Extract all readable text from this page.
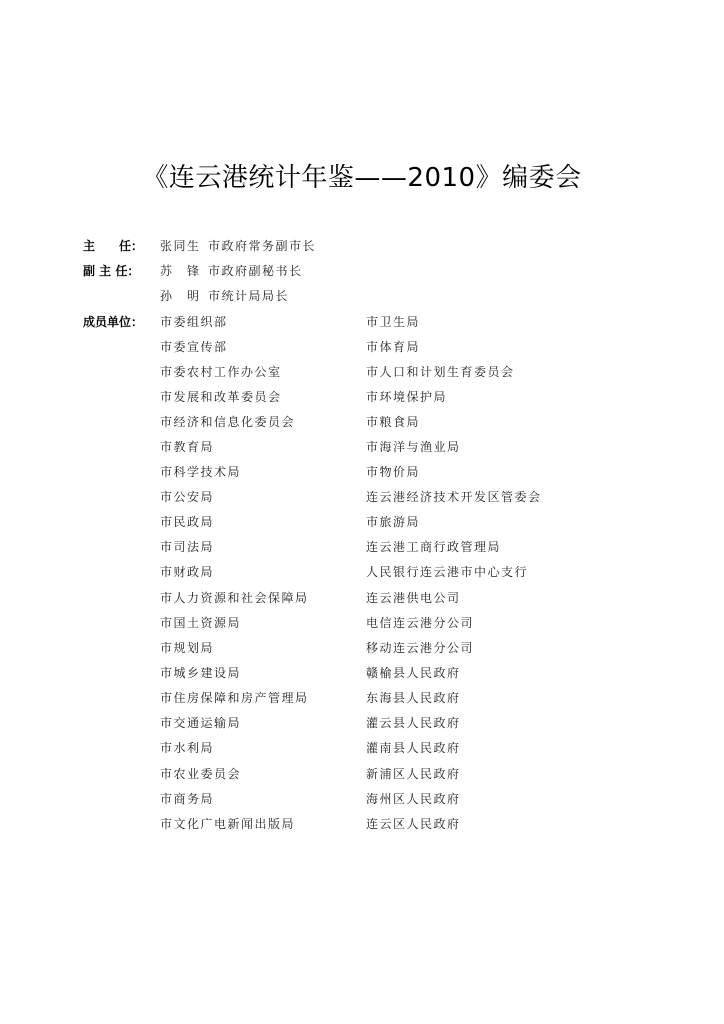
《连云港统计年鉴——2010》编委会
主　　任：	张同生 市政府常务副市长
副 主 任：	苏　锋 市政府副秘书长
孙　明 市统计局局长
成员单位：	市委组织部	市卫生局
市委宣传部	市体育局
市委农村工作办公室	市人口和计划生育委员会
市发展和改革委员会	市环境保护局
市经济和信息化委员会	市粮食局
市教育局	市海洋与渔业局
市科学技术局	市物价局
市公安局	连云港经济技术开发区管委会
市民政局	市旅游局
市司法局	连云港工商行政管理局
市财政局	人民银行连云港市中心支行
市人力资源和社会保障局	连云港供电公司
市国土资源局	电信连云港分公司
市规划局	移动连云港分公司
市城乡建设局	赣榆县人民政府
市住房保障和房产管理局	东海县人民政府
市交通运输局	灌云县人民政府
市水利局	灌南县人民政府
市农业委员会	新浦区人民政府
市商务局	海州区人民政府
市文化广电新闻出版局	连云区人民政府
